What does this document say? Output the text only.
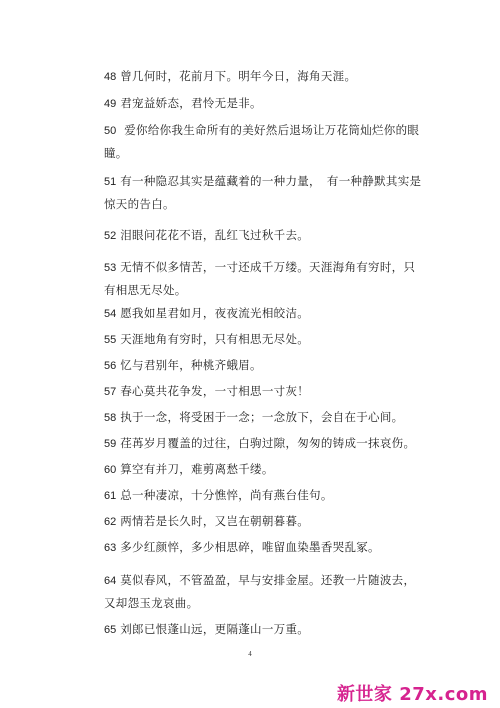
48 曾几何时，花前月下。明年今日，海角天涯。
49 君宠益娇态，君怜无是非。
50 爱你给你我生命所有的美好然后退场让万花筒灿烂你的眼瞳。
51 有一种隐忍其实是蕴藏着的一种力量，　有一种静默其实是惊天的告白。
52 泪眼问花花不语，乱红飞过秋千去。
53 无情不似多情苦，一寸还成千万缕。天涯海角有穷时，只有相思无尽处。
54 愿我如星君如月，夜夜流光相皎洁。
55 天涯地角有穷时，只有相思无尽处。
56 忆与君别年，种桃齐蛾眉。
57 春心莫共花争发，一寸相思一寸灰！
58 执于一念，将受困于一念；一念放下，会自在于心间。
59 荏苒岁月覆盖的过往，白驹过隙，匆匆的铸成一抹哀伤。
60 算空有并刀，难剪离愁千缕。
61 总一种凄凉，十分憔悴，尚有燕台佳句。
62 两情若是长久时，又岂在朝朝暮暮。
63 多少红颜悴，多少相思碎，唯留血染墨香哭乱冢。
64 莫似春风，不管盈盈，早与安排金屋。还教一片随波去，又却怨玉龙哀曲。
65 刘郎已恨蓬山远，更隔蓬山一万重。
4
新世家 27x.com
